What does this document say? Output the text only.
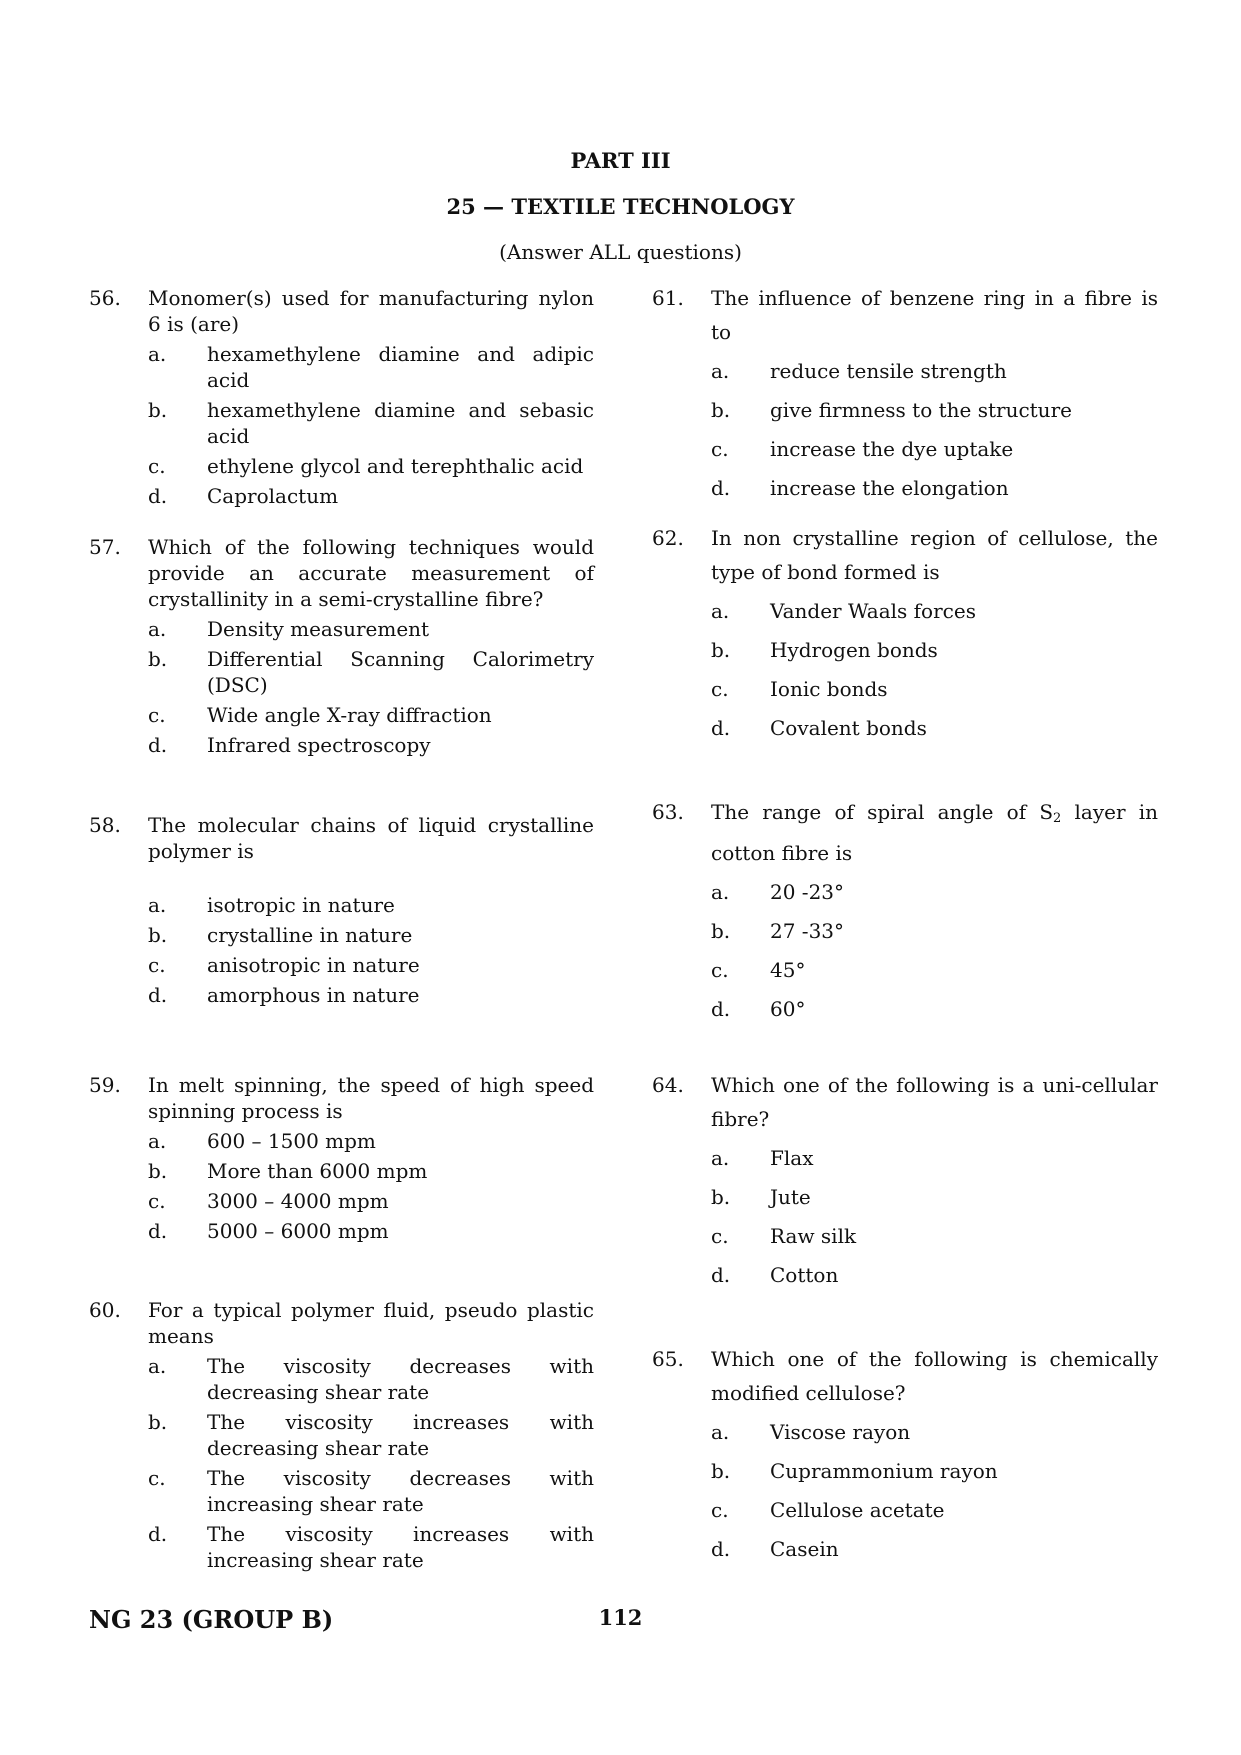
PART III
25 — TEXTILE TECHNOLOGY
(Answer ALL questions)
56. Monomer(s) used for manufacturing nylon 6 is (are)
a. hexamethylene diamine and adipic acid
b. hexamethylene diamine and sebasic acid
c. ethylene glycol and terephthalic acid
d. Caprolactum
57. Which of the following techniques would provide an accurate measurement of crystallinity in a semi-crystalline fibre?
a. Density measurement
b. Differential Scanning Calorimetry (DSC)
c. Wide angle X-ray diffraction
d. Infrared spectroscopy
58. The molecular chains of liquid crystalline polymer is
a. isotropic in nature
b. crystalline in nature
c. anisotropic in nature
d. amorphous in nature
59. In melt spinning, the speed of high speed spinning process is
a. 600 – 1500 mpm
b. More than 6000 mpm
c. 3000 – 4000 mpm
d. 5000 – 6000 mpm
60. For a typical polymer fluid, pseudo plastic means
a. The viscosity decreases with decreasing shear rate
b. The viscosity increases with decreasing shear rate
c. The viscosity decreases with increasing shear rate
d. The viscosity increases with increasing shear rate
61. The influence of benzene ring in a fibre is to
a. reduce tensile strength
b. give firmness to the structure
c. increase the dye uptake
d. increase the elongation
62. In non crystalline region of cellulose, the type of bond formed is
a. Vander Waals forces
b. Hydrogen bonds
c. Ionic bonds
d. Covalent bonds
63. The range of spiral angle of $S_2$ layer in cotton fibre is
a. 20 -23°
b. 27 -33°
c. 45°
d. 60°
64. Which one of the following is a uni-cellular fibre?
a. Flax
b. Jute
c. Raw silk
d. Cotton
65. Which one of the following is chemically modified cellulose?
a. Viscose rayon
b. Cuprammonium rayon
c. Cellulose acetate
d. Casein
NG 23 (GROUP B)	112
